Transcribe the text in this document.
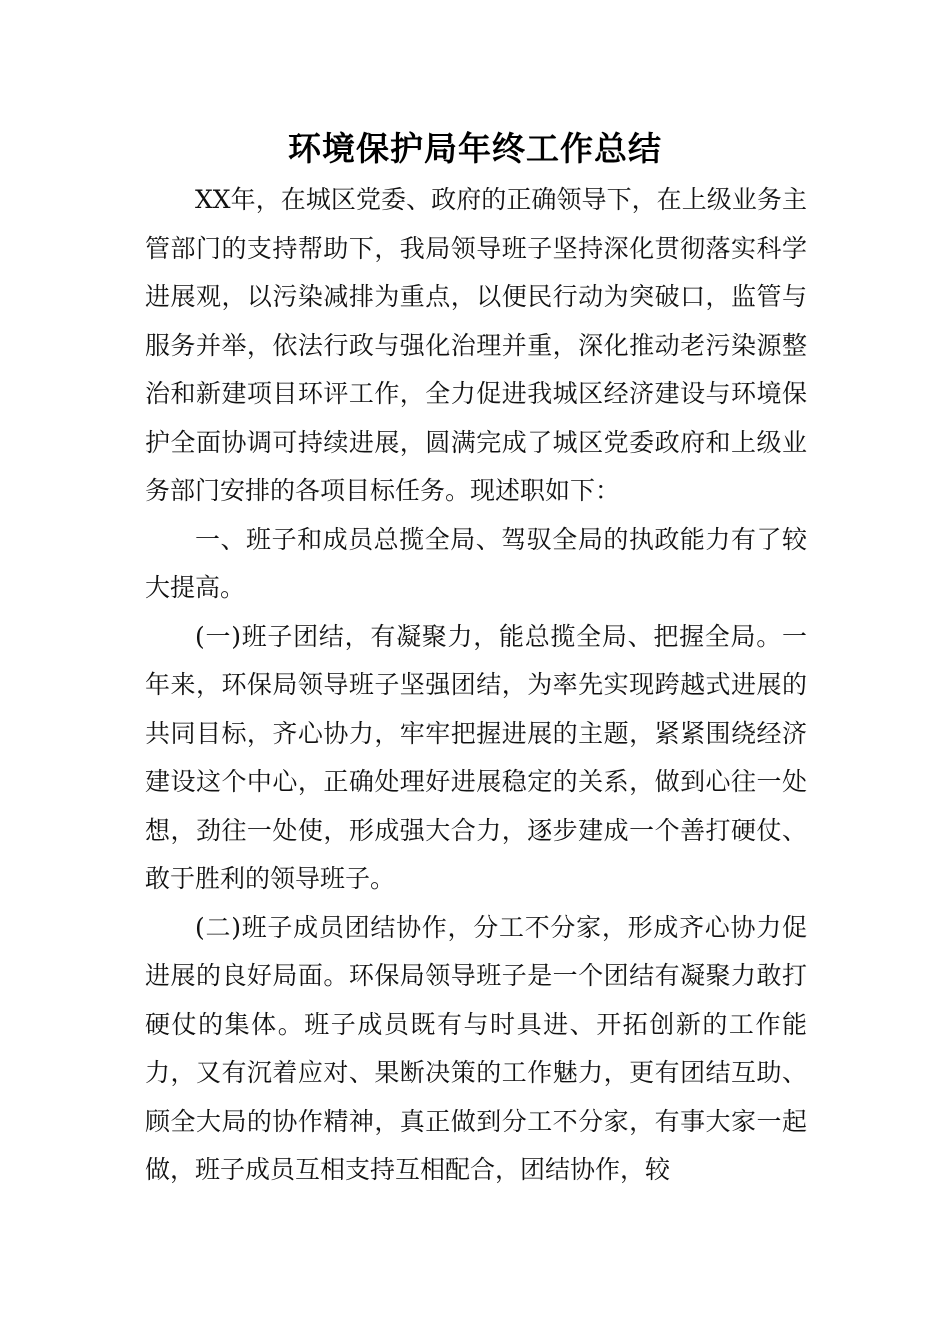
环境保护局年终工作总结

XX年，在城区党委、政府的正确领导下，在上级业务主管部门的支持帮助下，我局领导班子坚持深化贯彻落实科学进展观，以污染减排为重点，以便民行动为突破口，监管与服务并举，依法行政与强化治理并重，深化推动老污染源整治和新建项目环评工作，全力促进我城区经济建设与环境保护全面协调可持续进展，圆满完成了城区党委政府和上级业务部门安排的各项目标任务。现述职如下：

一、班子和成员总揽全局、驾驭全局的执政能力有了较大提高。

(一)班子团结，有凝聚力，能总揽全局、把握全局。一年来，环保局领导班子坚强团结，为率先实现跨越式进展的共同目标，齐心协力，牢牢把握进展的主题，紧紧围绕经济建设这个中心，正确处理好进展稳定的关系，做到心往一处想，劲往一处使，形成强大合力，逐步建成一个善打硬仗、敢于胜利的领导班子。

(二)班子成员团结协作，分工不分家，形成齐心协力促进展的良好局面。环保局领导班子是一个团结有凝聚力敢打硬仗的集体。班子成员既有与时具进、开拓创新的工作能力，又有沉着应对、果断决策的工作魅力，更有团结互助、顾全大局的协作精神，真正做到分工不分家，有事大家一起做，班子成员互相支持互相配合，团结协作，较
